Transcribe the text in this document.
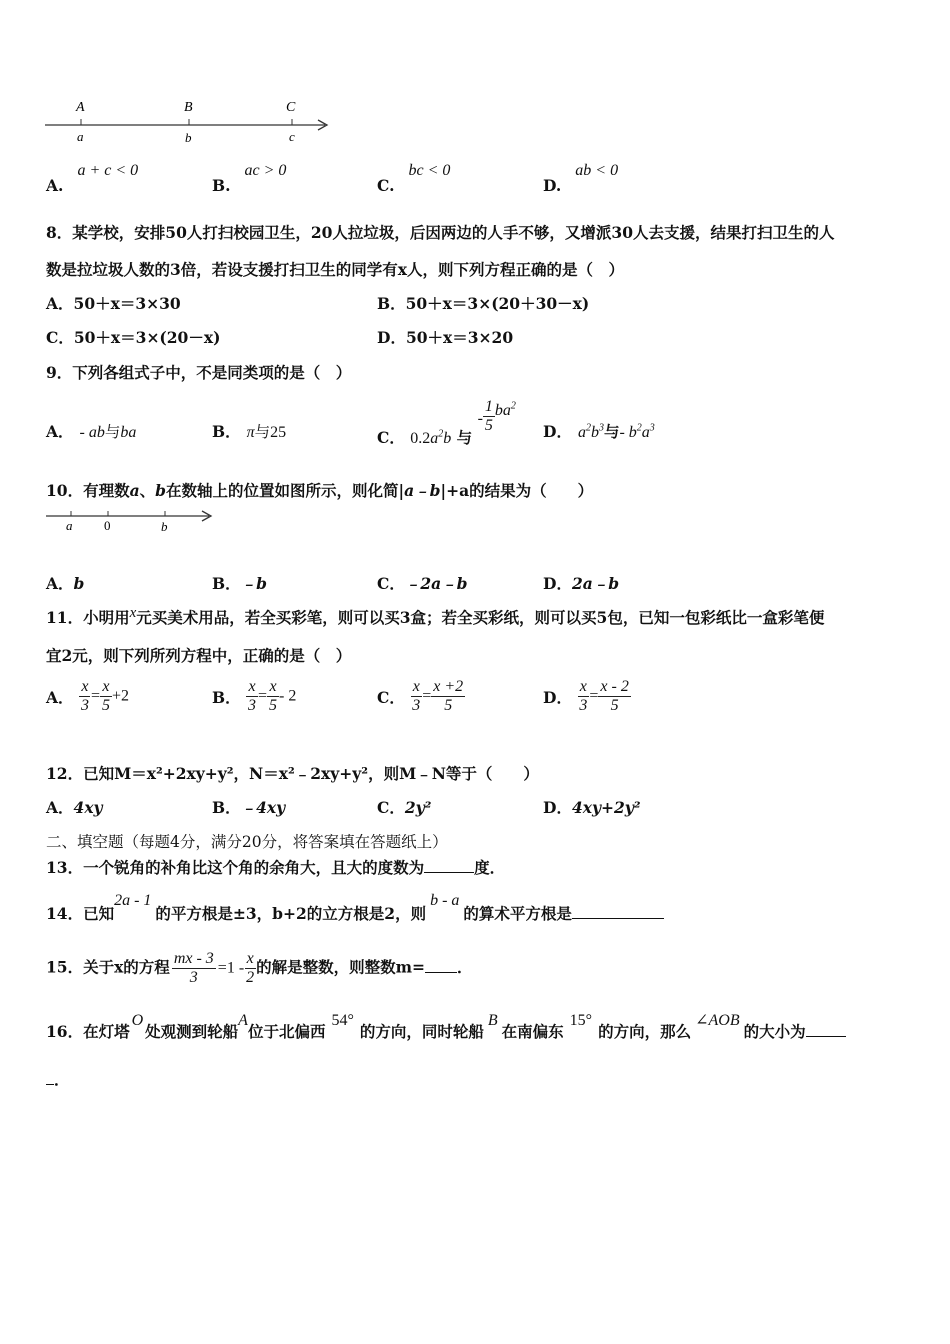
A
a
B
b
C
c
A.a + c < 0
B.ac > 0
C.bc < 0
D.ab < 0
8．某学校，安排50人打扫校园卫生，20人拉垃圾，后因两边的人手不够，又增派30人去支援，结果打扫卫生的人
数是拉垃圾人数的3倍，若设支援打扫卫生的同学有x人，则下列方程正确的是（　）
A．50＋x＝3×30	B．50＋x＝3×(20＋30－x)
C．50＋x＝3×(20－x)	D．50＋x＝3×20
9．下列各组式子中，不是同类项的是（　）
A． - ab与ba	B． π与25	C． $0.2a^2b$ 与 - $\frac{1}{5} ba^2$
D． $a^2b^3$与- $b^2a^3$
10．有理数a、b在数轴上的位置如图所示，则化简|a﹣b|+a的结果为（　　）
a 0	b
A．b	B．﹣b	C．﹣2a﹣b	D．2a﹣b
11．小明用x元买美术用品，若全买彩笔，则可以买3盒；若全买彩纸，则可以买5包，已知一包彩纸比一盒彩笔便
宜2元，则下列所列方程中，正确的是（　）
A． $\frac{x}{3} = \frac{x}{5} +2$	B． $\frac{x}{3} = \frac{x}{5} - 2$	C． $\frac{x}{3} = \frac{x +2}{5}$	D． $\frac{x}{3} = \frac{x - 2}{5}$
12．已知M＝x²+2xy+y²，N＝x²﹣2xy+y²，则M﹣N等于（　　）
A．4xy	B．﹣4xy	C．2y²	D．4xy+2y²
二、填空题（每题4分，满分20分，将答案填在答题纸上）
13．一个锐角的补角比这个角的余角大，且大的度数为	度．
14．已知2a - 1的平方根是±3，b+2的立方根是2，则b - a的算术平方根是
15．关于x的方程 $\frac{mx - 3}{3} =1 - \frac{x}{2}$ 的解是整数，则整数m= ．
16．在灯塔O处观测到轮船A位于北偏西54°的方向，同时轮船B在南偏东15°的方向，那么∠AOB的大小为
．
